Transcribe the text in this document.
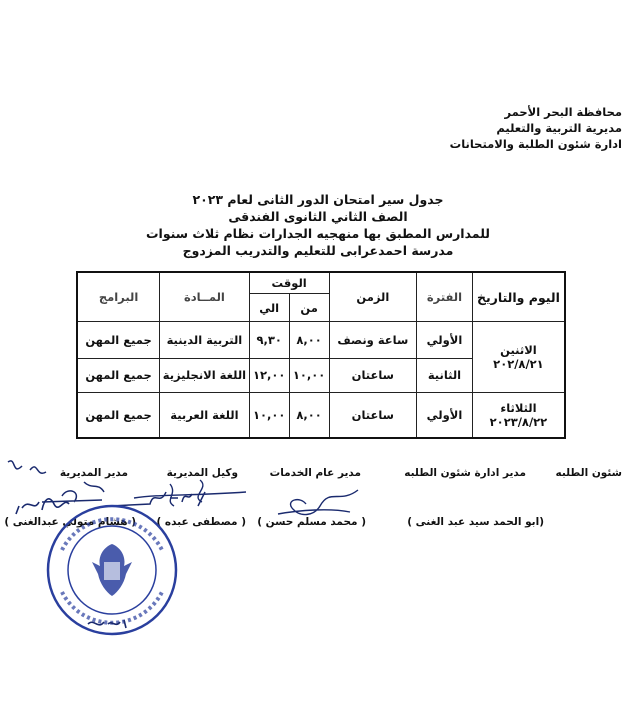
محافظة البحر الأحمر
مديرية التربية والتعليم
ادارة شئون الطلبة والامتحانات
جدول سير امتحان الدور الثانى لعام ٢٠٢٣
الصف الثاني الثانوى الفندقى
للمدارس المطبق بها منهجيه الجدارات نظام ثلاث سنوات
مدرسة احمدعرابى للتعليم والتدريب المزدوج
اليوم والتاريخ	الفترة	الزمن	الوقت		المــادة	البرامج
			من	الي		

الاثنين
٢٠٢/٨/٢١	الأولي	ساعة ونصف	٨,٠٠	٩,٣٠	التربية الدينية	جميع المهن
	الثانية	ساعتان	١٠,٠٠	١٢,٠٠	اللغة الانجليزية	جميع المهن

الثلاثاء
٢٠٢٣/٨/٢٢	الأولي	ساعتان	٨,٠٠	١٠,٠٠	اللغة العربية	جميع المهن
شئون الطلبه
مدير ادارة شئون الطلبه
مدير عام الخدمات
وكيل المديرية
مدير المديرية
(ابو الحمد سيد عبد الغنى )
( محمد مسلم حسن )
( مصطفى عبده )
( هشام متولي عبدالغنى )
